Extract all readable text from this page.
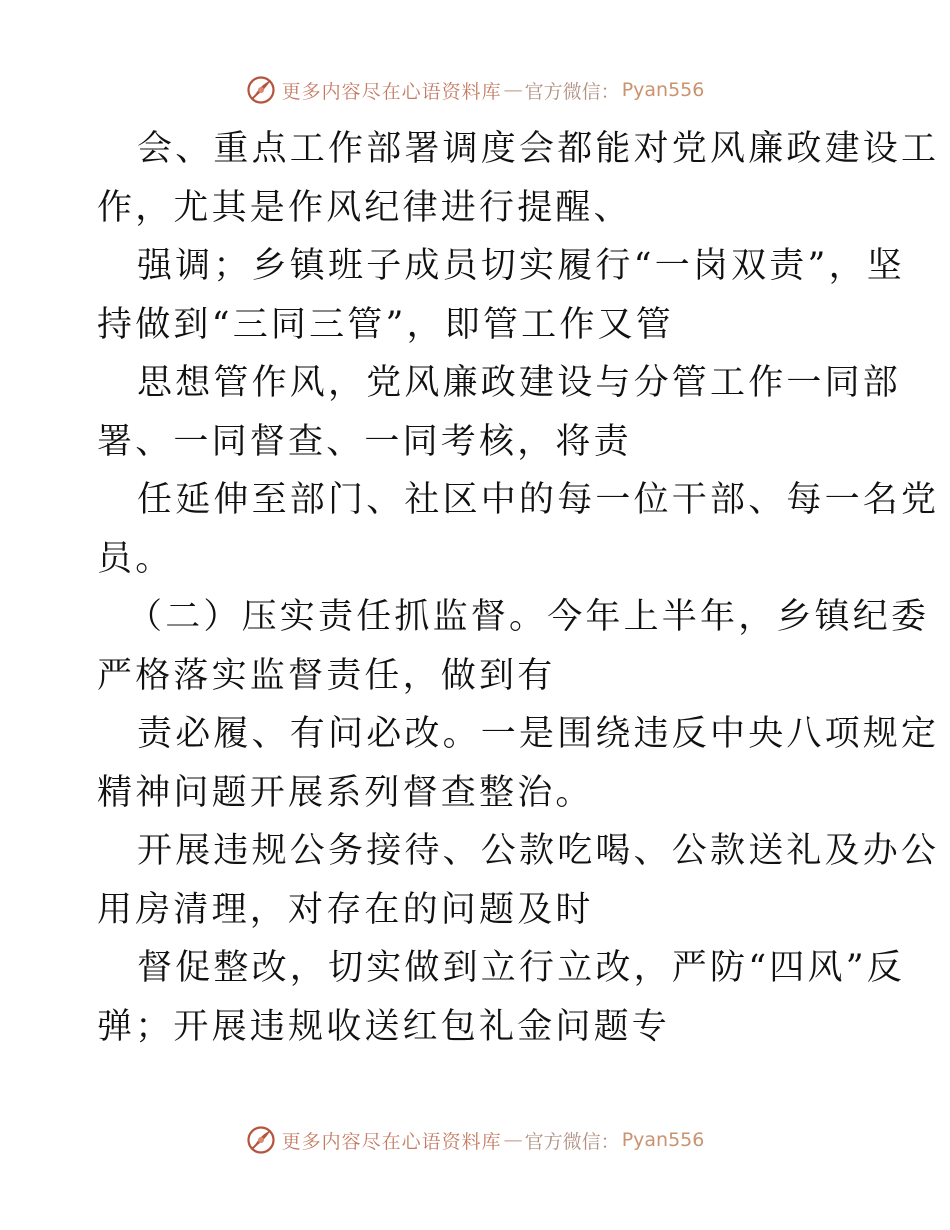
更多内容尽在心语资料库 — 官方微信： Pyan556
会、重点工作部署调度会都能对党风廉政建设工
作，尤其是作风纪律进行提醒、
强调；乡镇班子成员切实履行“一岗双责”，坚
持做到“三同三管”，即管工作又管
思想管作风，党风廉政建设与分管工作一同部
署、一同督查、一同考核，将责
任延伸至部门、社区中的每一位干部、每一名党
员。
（二）压实责任抓监督。今年上半年，乡镇纪委
严格落实监督责任，做到有
责必履、有问必改。一是围绕违反中央八项规定
精神问题开展系列督查整治。
开展违规公务接待、公款吃喝、公款送礼及办公
用房清理，对存在的问题及时
督促整改，切实做到立行立改，严防“四风”反
弹；开展违规收送红包礼金问题专
更多内容尽在心语资料库 — 官方微信： Pyan556
